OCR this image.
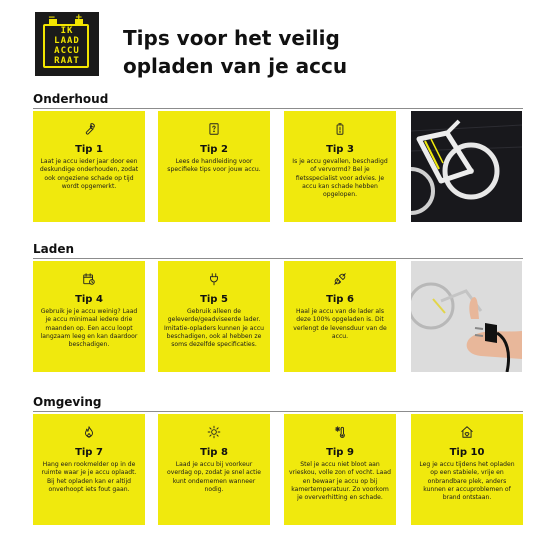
− +
IK
LAAD
ACCU
RAAT
Tips voor het veilig
opladen van je accu
Onderhoud
Tip 1
Laat je accu ieder jaar door een deskundige onderhouden, zodat ook ongeziene schade op tijd wordt opgemerkt.
Tip 2
Lees de handleiding voor specifieke tips voor jouw accu.
Tip 3
Is je accu gevallen, beschadigd of vervormd? Bel je fietsspecialist voor advies. Je accu kan schade hebben opgelopen.
Laden
Tip 4
Gebruik je je accu weinig? Laad je accu minimaal iedere drie maanden op. Een accu loopt langzaam leeg en kan daardoor beschadigen.
Tip 5
Gebruik alleen de geleverde/geadviseerde lader. Imitatie-opladers kunnen je accu beschadigen, ook al hebben ze soms dezelfde specificaties.
Tip 6
Haal je accu van de lader als deze 100% opgeladen is. Dit verlengt de levensduur van de accu.
Omgeving
Tip 7
Hang een rookmelder op in de ruimte waar je je accu oplaadt. Bij het opladen kan er altijd onverhoopt iets fout gaan.
Tip 8
Laad je accu bij voorkeur overdag op, zodat je snel actie kunt ondernemen wanneer nodig.
Tip 9
Stel je accu niet bloot aan vrieskou, volle zon of vocht. Laad en bewaar je accu op bij kamertemperatuur. Zo voorkom je oververhitting en schade.
Tip 10
Leg je accu tijdens het opladen op een stabiele, vrije en onbrandbare plek, anders kunnen er accuproblemen of brand ontstaan.
